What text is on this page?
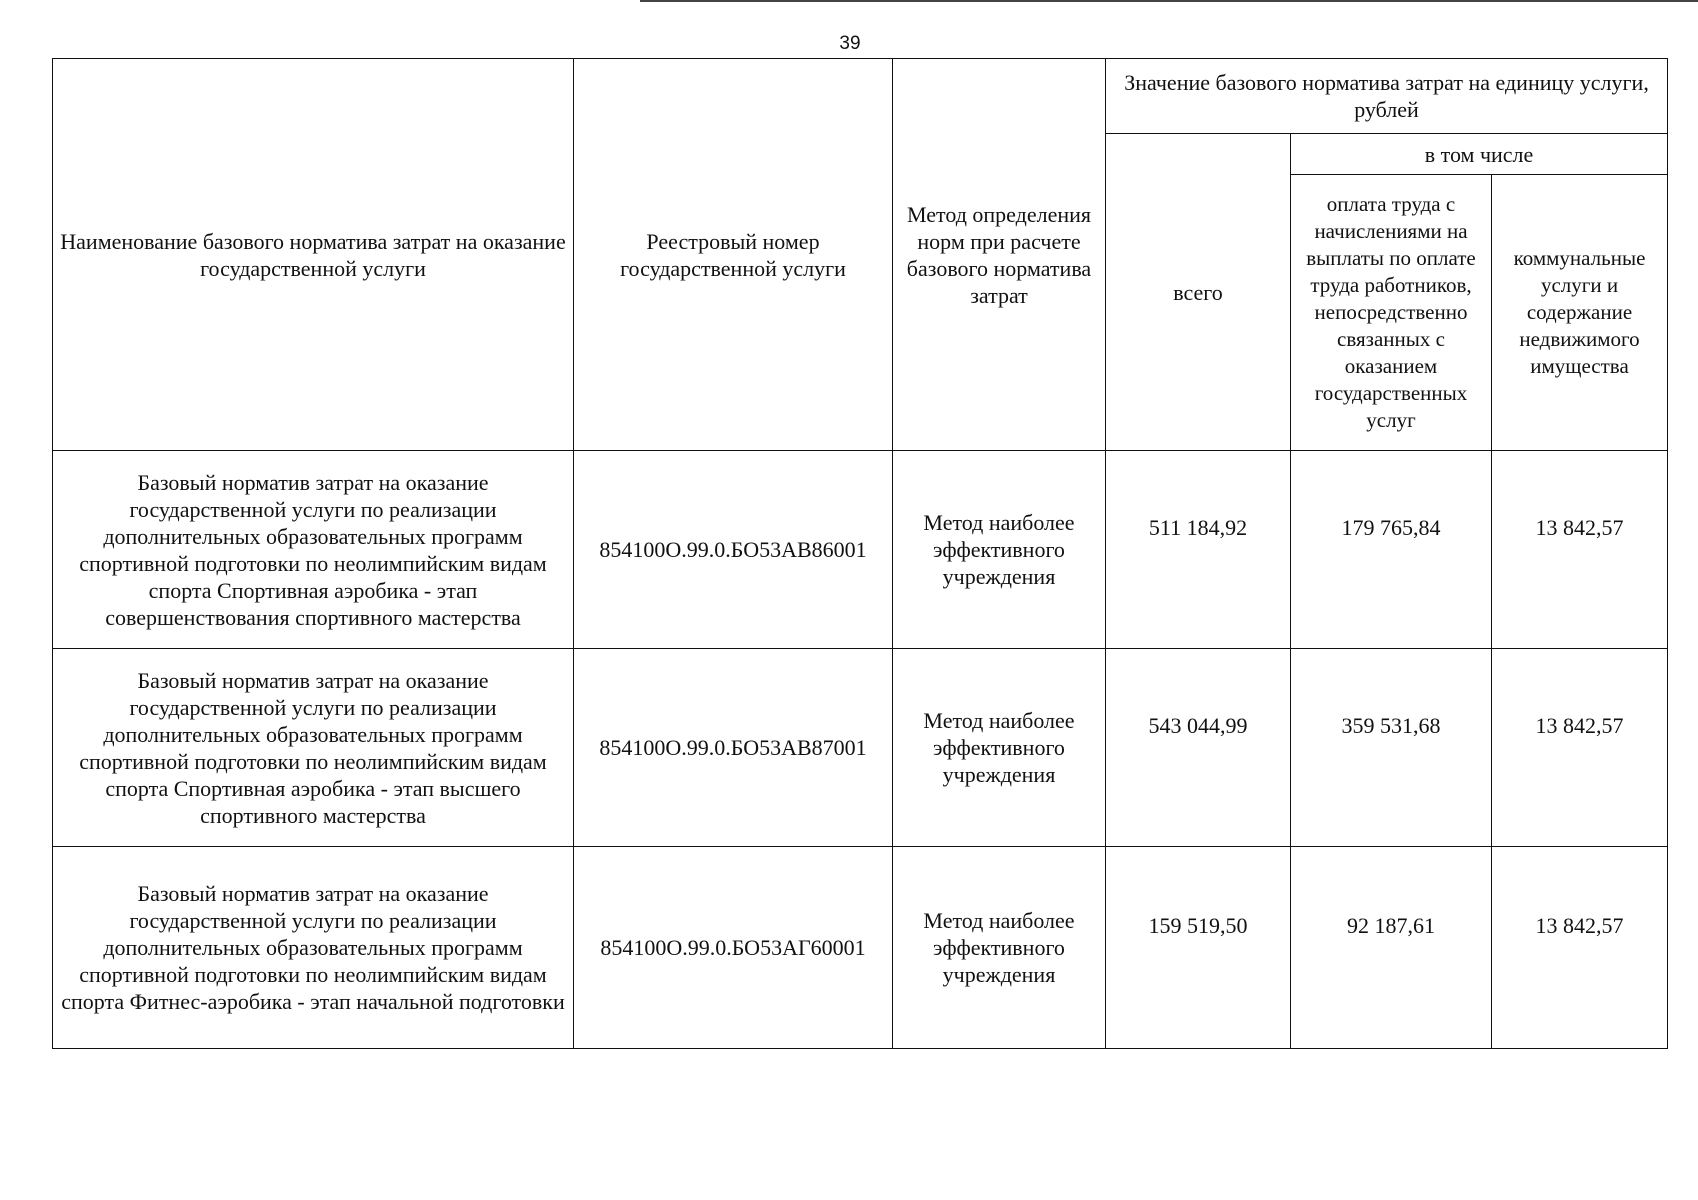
39
Наименование базового норматива затрат на оказание государственной услуги	Реестровый номер государственной услуги	Метод определения норм при расчете базового норматива затрат	Значение базового норматива затрат на единицу услуги, рублей		
			всего	в том числе	
				оплата труда с начислениями на выплаты по оплате труда работников, непосредственно связанных с оказанием государственных услуг	коммунальные услуги и содержание недвижимого имущества
Базовый норматив затрат на оказание государственной услуги по реализации дополнительных образовательных программ спортивной подготовки по неолимпийским видам спорта Спортивная аэробика - этап совершенствования спортивного мастерства	854100О.99.0.БО53АВ86001	Метод наиболее эффективного учреждения	511 184,92	179 765,84	13 842,57
Базовый норматив затрат на оказание государственной услуги по реализации дополнительных образовательных программ спортивной подготовки по неолимпийским видам спорта Спортивная аэробика - этап высшего спортивного мастерства	854100О.99.0.БО53АВ87001	Метод наиболее эффективного учреждения	543 044,99	359 531,68	13 842,57
Базовый норматив затрат на оказание государственной услуги по реализации дополнительных образовательных программ спортивной подготовки по неолимпийским видам спорта Фитнес-аэробика - этап начальной подготовки	854100О.99.0.БО53АГ60001	Метод наиболее эффективного учреждения	159 519,50	92 187,61	13 842,57
